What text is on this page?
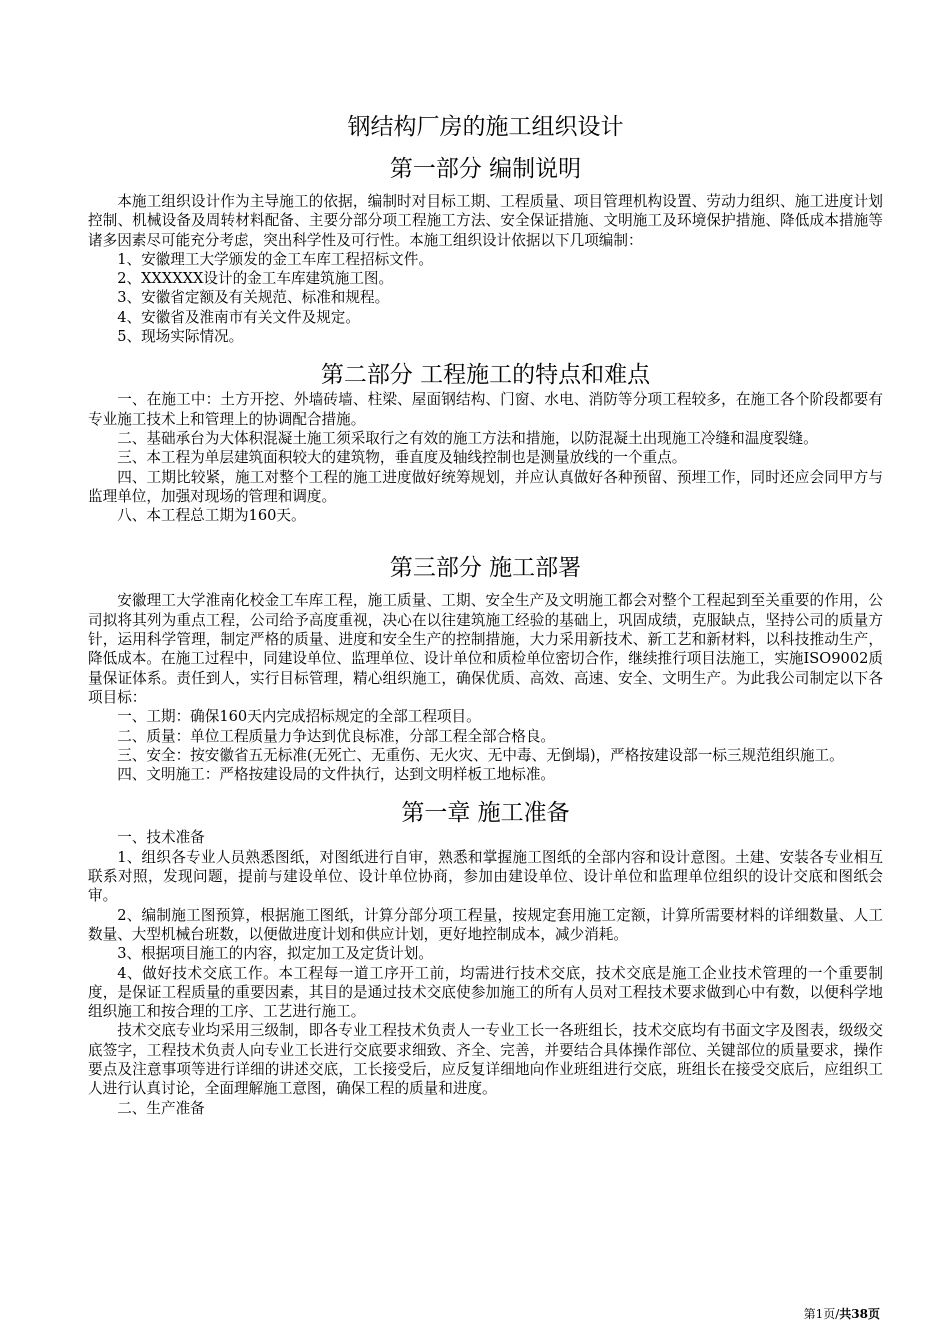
钢结构厂房的施工组织设计
第一部分 编制说明

本施工组织设计作为主导施工的依据，编制时对目标工期、工程质量、项目管理机构设置、劳动力组织、施工进度计划控制、机械设备及周转材料配备、主要分部分项工程施工方法、安全保证措施、文明施工及环境保护措施、降低成本措施等诸多因素尽可能充分考虑，突出科学性及可行性。本施工组织设计依据以下几项编制：

1、安徽理工大学颁发的金工车库工程招标文件。

2、XXXXXX设计的金工车库建筑施工图。

3、安徽省定额及有关规范、标准和规程。

4、安徽省及淮南市有关文件及规定。

5、现场实际情况。

第二部分 工程施工的特点和难点

一、在施工中：土方开挖、外墙砖墙、柱梁、屋面钢结构、门窗、水电、消防等分项工程较多，在施工各个阶段都要有专业施工技术上和管理上的协调配合措施。

二、基础承台为大体积混凝土施工须采取行之有效的施工方法和措施，以防混凝土出现施工冷缝和温度裂缝。

三、本工程为单层建筑面积较大的建筑物，垂直度及轴线控制也是测量放线的一个重点。

四、工期比较紧，施工对整个工程的施工进度做好统筹规划，并应认真做好各种预留、预埋工作，同时还应会同甲方与监理单位，加强对现场的管理和调度。

八、本工程总工期为160天。

第三部分 施工部署

安徽理工大学淮南化校金工车库工程，施工质量、工期、安全生产及文明施工都会对整个工程起到至关重要的作用，公司拟将其列为重点工程，公司给予高度重视，决心在以往建筑施工经验的基础上，巩固成绩，克服缺点，坚持公司的质量方针，运用科学管理，制定严格的质量、进度和安全生产的控制措施，大力采用新技术、新工艺和新材料，以科技推动生产，降低成本。在施工过程中，同建设单位、监理单位、设计单位和质检单位密切合作，继续推行项目法施工，实施ISO9002质量保证体系。责任到人，实行目标管理，精心组织施工，确保优质、高效、高速、安全、文明生产。为此我公司制定以下各项目标：

一、工期：确保160天内完成招标规定的全部工程项目。

二、质量：单位工程质量力争达到优良标准，分部工程全部合格良。

三、安全：按安徽省五无标准(无死亡、无重伤、无火灾、无中毒、无倒塌)，严格按建设部一标三规范组织施工。

四、文明施工：严格按建设局的文件执行，达到文明样板工地标准。

第一章 施工准备

一、技术准备

1、组织各专业人员熟悉图纸，对图纸进行自审，熟悉和掌握施工图纸的全部内容和设计意图。土建、安装各专业相互联系对照，发现问题，提前与建设单位、设计单位协商，参加由建设单位、设计单位和监理单位组织的设计交底和图纸会审。

2、编制施工图预算，根据施工图纸，计算分部分项工程量，按规定套用施工定额，计算所需要材料的详细数量、人工数量、大型机械台班数，以便做进度计划和供应计划，更好地控制成本，减少消耗。

3、根据项目施工的内容，拟定加工及定货计划。

4、做好技术交底工作。本工程每一道工序开工前，均需进行技术交底，技术交底是施工企业技术管理的一个重要制度，是保证工程质量的重要因素，其目的是通过技术交底使参加施工的所有人员对工程技术要求做到心中有数，以便科学地组织施工和按合理的工序、工艺进行施工。

技术交底专业均采用三级制，即各专业工程技术负责人一专业工长一各班组长，技术交底均有书面文字及图表，级级交底签字，工程技术负责人向专业工长进行交底要求细致、齐全、完善，并要结合具体操作部位、关键部位的质量要求，操作要点及注意事项等进行详细的讲述交底，工长接受后，应反复详细地向作业班组进行交底，班组长在接受交底后，应组织工人进行认真讨论，全面理解施工意图，确保工程的质量和进度。

二、生产准备

第1页/共38页
